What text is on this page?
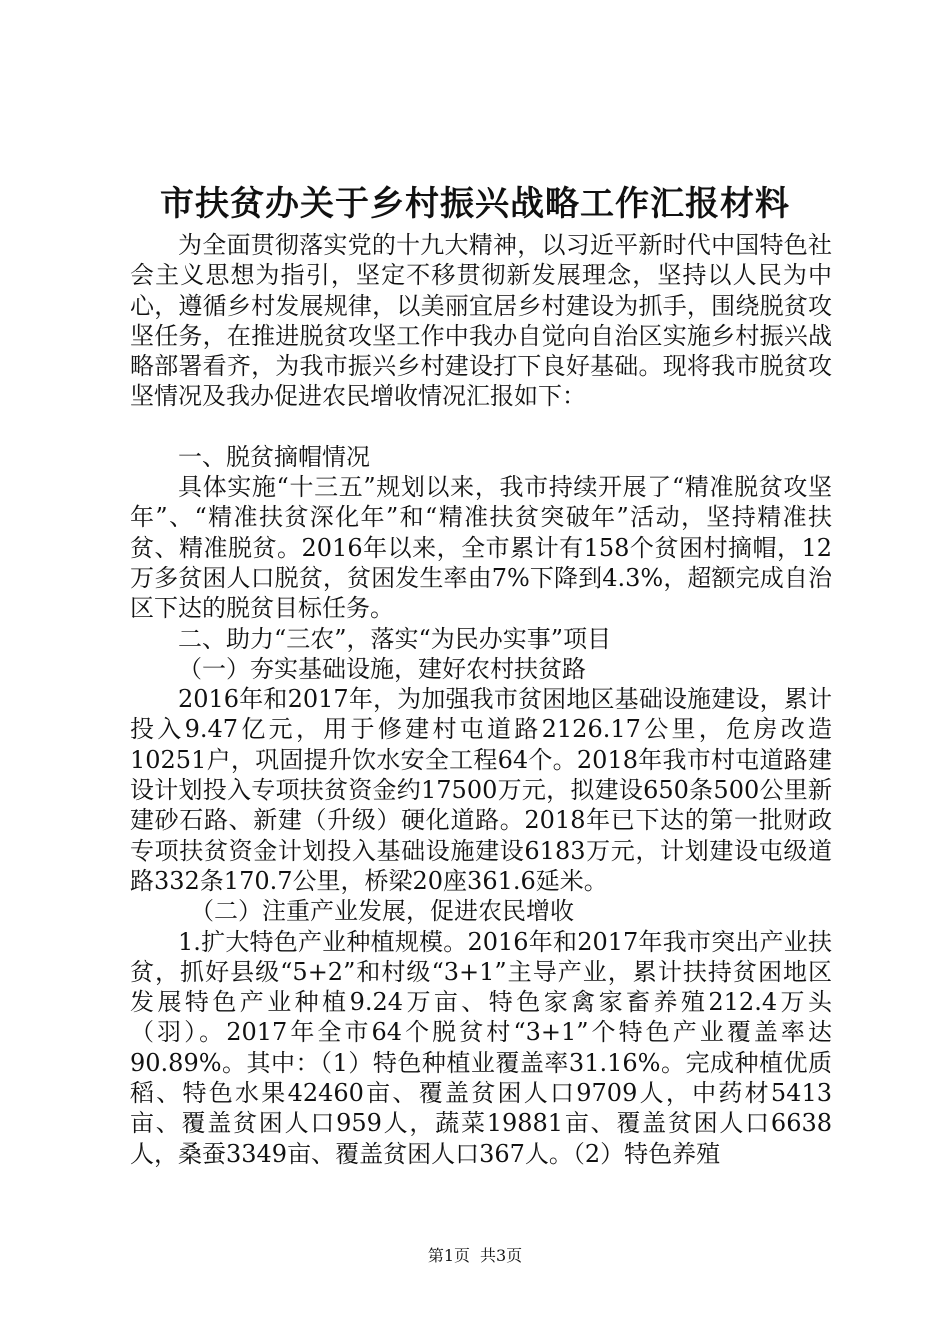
市扶贫办关于乡村振兴战略工作汇报材料

为全面贯彻落实党的十九大精神，以习近平新时代中国特色社会主义思想为指引，坚定不移贯彻新发展理念，坚持以人民为中心，遵循乡村发展规律，以美丽宜居乡村建设为抓手，围绕脱贫攻坚任务，在推进脱贫攻坚工作中我办自觉向自治区实施乡村振兴战略部署看齐，为我市振兴乡村建设打下良好基础。现将我市脱贫攻坚情况及我办促进农民增收情况汇报如下：

一、脱贫摘帽情况

具体实施“十三五”规划以来，我市持续开展了“精准脱贫攻坚年”、“精准扶贫深化年”和“精准扶贫突破年”活动，坚持精准扶贫、精准脱贫。2016年以来，全市累计有158个贫困村摘帽，12万多贫困人口脱贫，贫困发生率由7%下降到4.3%，超额完成自治区下达的脱贫目标任务。

二、助力“三农”，落实“为民办实事”项目

（一）夯实基础设施，建好农村扶贫路

2016年和2017年，为加强我市贫困地区基础设施建设，累计投入9.47亿元，用于修建村屯道路2126.17公里，危房改造10251户，巩固提升饮水安全工程64个。2018年我市村屯道路建设计划投入专项扶贫资金约17500万元，拟建设650条500公里新建砂石路、新建（升级）硬化道路。2018年已下达的第一批财政专项扶贫资金计划投入基础设施建设6183万元，计划建设屯级道路332条170.7公里，桥梁20座361.6延米。

（二）注重产业发展，促进农民增收

1.扩大特色产业种植规模。2016年和2017年我市突出产业扶贫，抓好县级“5+2”和村级“3+1”主导产业，累计扶持贫困地区发展特色产业种植9.24万亩、特色家禽家畜养殖212.4万头（羽）。2017年全市64个脱贫村“3+1”个特色产业覆盖率达90.89%。其中：（1）特色种植业覆盖率31.16%。完成种植优质稻、特色水果42460亩、覆盖贫困人口9709人，中药材5413亩、覆盖贫困人口959人，蔬菜19881亩、覆盖贫困人口6638人，桑蚕3349亩、覆盖贫困人口367人。（2）特色养殖

第1页 共3页
